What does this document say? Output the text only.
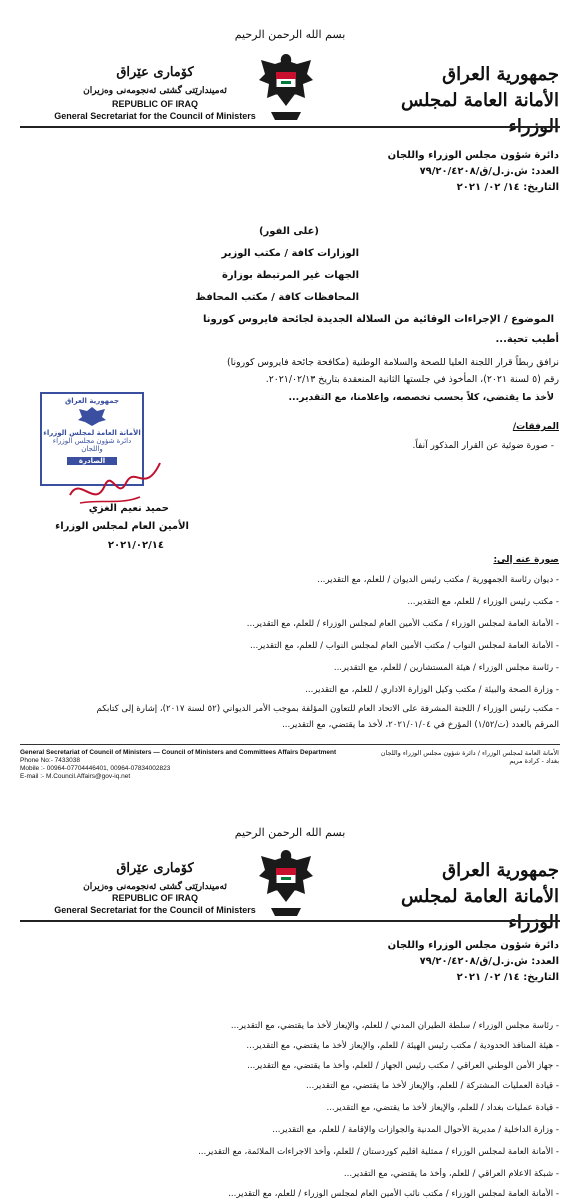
بسم الله الرحمن الرحيم
جمهورية العراق
الأمانة العامة لمجلس الوزراء
كۆماری عێراق
ئەمیندارێتی گشتی ئەنجومەنی وەزیران
REPUBLIC OF IRAQ
General Secretariat for the Council of Ministers
دائرة شؤون مجلس الوزراء واللجان
العدد: ش.ز.ل/ق/٧٩/٢٠/٤٢٠٨
التاريخ: ١٤/ ٠٢/ ٢٠٢١
(على الفور)
الوزارات كافة / مكتب الوزير
الجهات غير المرتبطة بوزارة
المحافظات كافة / مكتب المحافظ
الموضوع / الإجراءات الوقائية من السلالة الجديدة لجائحة فايروس كورونا
أطيب تحية...
نرافق ربطاً قرار اللجنة العليا للصحة والسلامة الوطنية (مكافحة جائحة فايروس كورونا)
رقم (٥ لسنة ٢٠٢١)، المأخوذ في جلستها الثانية المنعقدة بتاريخ ٢٠٢١/٠٢/١٣.
لأخذ ما يقتضي، كلاً بحسب تخصصه، وإعلامنا، مع التقدير...
المرفقات/
- صورة ضوئية عن القرار المذكور آنفاً.
جمهورية العراق
الأمانة العامة لمجلس الوزراء
دائرة شؤون مجلس الوزراء واللجان
الصادرة
حميد نعيم الغزي
الأمين العام لمجلس الوزراء
٢٠٢١/٠٢/١٤
صورة عنه إلى:
- ديوان رئاسة الجمهورية / مكتب رئيس الديوان / للعلم، مع التقدير...
- مكتب رئيس الوزراء / للعلم، مع التقدير...
- الأمانة العامة لمجلس الوزراء / مكتب الأمين العام لمجلس الوزراء / للعلم، مع التقدير...
- الأمانة العامة لمجلس النواب / مكتب الأمين العام لمجلس النواب / للعلم، مع التقدير...
- رئاسة مجلس الوزراء / هيئة المستشارين / للعلم، مع التقدير...
- وزارة الصحة والبيئة / مكتب وكيل الوزارة الاداري / للعلم، مع التقدير...
- مكتب رئيس الوزراء / اللجنة المشرفة على الاتحاد العام للتعاون المؤلفة بموجب الأمر الديواني (٥٢ لسنة ٢٠١٧)، إشارة إلى كتابكم
المرقم بالعدد (ت/١/٥٢) المؤرخ في ٢٠٢١/٠١/٠٤، لأخذ ما يقتضي، مع التقدير...
General Secretariat of Council of Ministers — Council of Ministers and Committees Affairs Department
Phone No:- 7433038
Mobile :- 00964-07704446401, 00964-07834002823
E-mail :- M.Council.Affairs@gov-iq.net
الأمانة العامة لمجلس الوزراء / دائرة شؤون مجلس الوزراء واللجان
بغداد - كرادة مريم
بسم الله الرحمن الرحيم
جمهورية العراق
الأمانة العامة لمجلس الوزراء
كۆماری عێراق
ئەمیندارێتی گشتی ئەنجومەنی وەزیران
REPUBLIC OF IRAQ
General Secretariat for the Council of Ministers
دائرة شؤون مجلس الوزراء واللجان
العدد: ش.ز.ل/ق/٧٩/٢٠/٤٢٠٨
التاريخ: ١٤/ ٠٢/ ٢٠٢١
- رئاسة مجلس الوزراء / سلطة الطيران المدني / للعلم، والإيعاز لأخذ ما يقتضي، مع التقدير...
- هيئة المنافذ الحدودية / مكتب رئيس الهيئة / للعلم، والإيعاز لأخذ ما يقتضي، مع التقدير...
- جهاز الأمن الوطني العراقي / مكتب رئيس الجهاز / للعلم، وأخذ ما يقتضي، مع التقدير...
- قيادة العمليات المشتركة / للعلم، والإيعاز لأخذ ما يقتضي، مع التقدير...
- قيادة عمليات بغداد / للعلم، والإيعاز لأخذ ما يقتضي، مع التقدير...
- وزارة الداخلية / مديرية الأحوال المدنية والجوازات والإقامة / للعلم، مع التقدير...
- الأمانة العامة لمجلس الوزراء / ممثلية اقليم كوردستان / للعلم، وأخذ الاجراءات الملائمة، مع التقدير...
- شبكة الاعلام العراقي / للعلم، وأخذ ما يقتضي، مع التقدير...
- الأمانة العامة لمجلس الوزراء / مكتب نائب الأمين العام لمجلس الوزراء / للعلم، مع التقدير...
